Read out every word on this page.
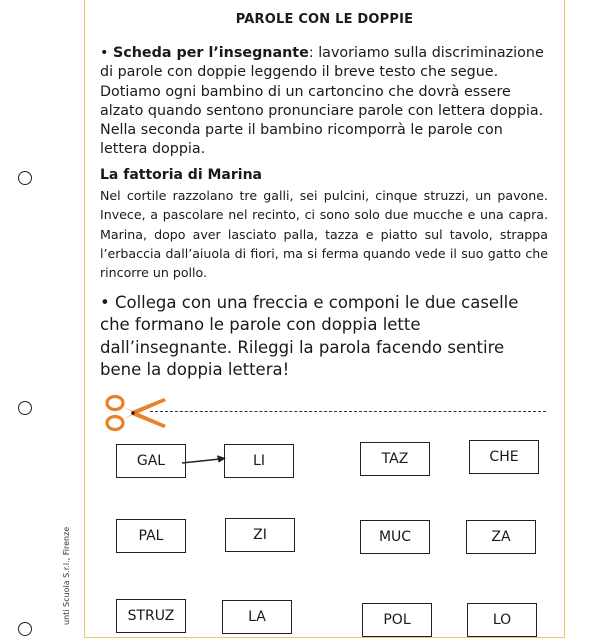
PAROLE CON LE DOPPIE
• Scheda per l’insegnante: lavoriamo sulla discriminazione di parole con doppie leggendo il breve testo che segue. Dotiamo ogni bambino di un cartoncino che dovrà essere alzato quando sentono pronunciare parole con lettera doppia. Nella seconda parte il bambino ricomporrà le parole con lettera doppia.
La fattoria di Marina
Nel cortile razzolano tre galli, sei pulcini, cinque struzzi, un pavone. Invece, a pascolare nel recinto, ci sono solo due mucche e una capra. Marina, dopo aver lasciato palla, tazza e piatto sul tavolo, strappa l’erbaccia dall’aiuola di fiori, ma si ferma quando vede il suo gatto che rincorre un pollo.
• Collega con una freccia e componi le due caselle che formano le parole con doppia lette dall’insegnante. Rileggi la parola facendo sentire bene la doppia lettera!
GAL	LI	TAZ	CHE
PAL	ZI	MUC	ZA
STRUZ	LA	POL	LO
unti Scuola S.r.l., Firenze
